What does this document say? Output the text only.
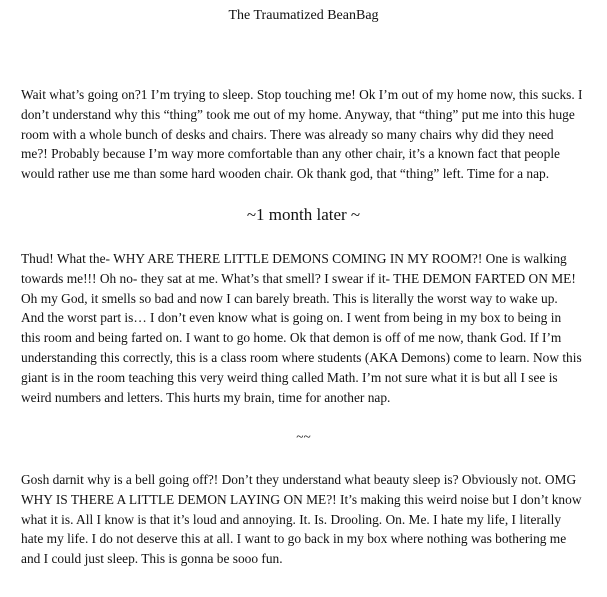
The Traumatized BeanBag

Wait what’s going on?1 I’m trying to sleep. Stop touching me! Ok I’m out of my home now, this sucks. I don’t understand why this “thing” took me out of my home. Anyway, that “thing” put me into this huge room with a whole bunch of desks and chairs. There was already so many chairs why did they need me?! Probably because I’m way more comfortable than any other chair, it’s a known fact that people would rather use me than some hard wooden chair. Ok thank god, that “thing” left. Time for a nap.

~1 month later ~

Thud! What the- WHY ARE THERE LITTLE DEMONS COMING IN MY ROOM?! One is walking towards me!!! Oh no- they sat at me. What’s that smell? I swear if it- THE DEMON FARTED ON ME! Oh my God, it smells so bad and now I can barely breath. This is literally the worst way to wake up. And the worst part is… I don’t even know what is going on. I went from being in my box to being in this room and being farted on. I want to go home. Ok that demon is off of me now, thank God. If I’m understanding this correctly, this is a class room where students (AKA Demons) come to learn. Now this giant is in the room teaching this very weird thing called Math. I’m not sure what it is but all I see is weird numbers and letters. This hurts my brain, time for another nap.

~~

Gosh darnit why is a bell going off?! Don’t they understand what beauty sleep is? Obviously not. OMG WHY IS THERE A LITTLE DEMON LAYING ON ME?! It’s making this weird noise but I don’t know what it is. All I know is that it’s loud and annoying. It. Is. Drooling. On. Me. I hate my life, I literally hate my life. I do not deserve this at all. I want to go back in my box where nothing was bothering me and I could just sleep. This is gonna be sooo fun.
